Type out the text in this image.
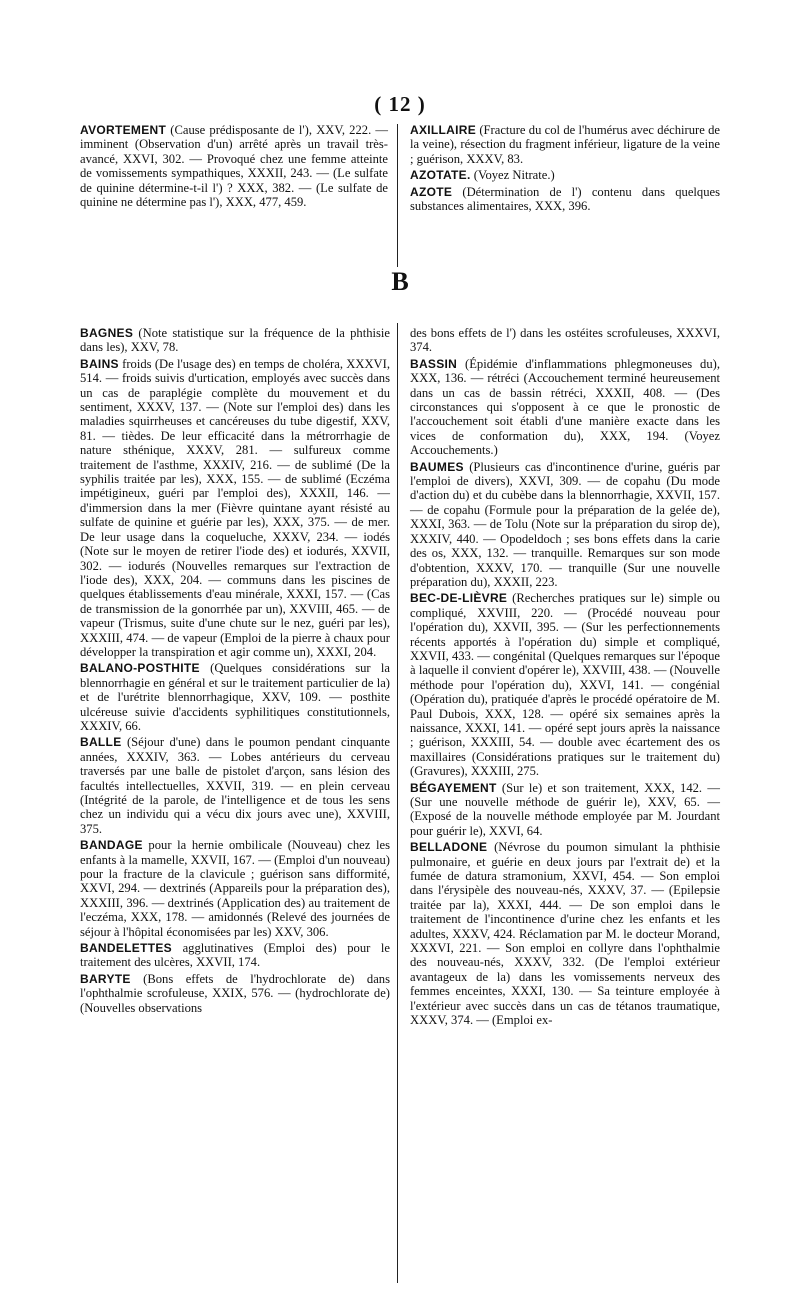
( 12 )

AVORTEMENT (Cause prédisposante de l'), XXV, 222. — imminent (Observation d'un) arrêté après un travail très-avancé, XXVI, 302. — Provoqué chez une femme atteinte de vomissements sympathiques, XXXII, 243. — (Le sulfate de quinine détermine-t-il l') ? XXX, 382. — (Le sulfate de quinine ne détermine pas l'), XXX, 477, 459.

AXILLAIRE (Fracture du col de l'humérus avec déchirure de la veine), résection du fragment inférieur, ligature de la veine ; guérison, XXXV, 83.

AZOTATE. (Voyez Nitrate.)

AZOTE (Détermination de l') contenu dans quelques substances alimentaires, XXX, 396.

B

BAGNES (Note statistique sur la fréquence de la phthisie dans les), XXV, 78.

BAINS froids (De l'usage des) en temps de choléra, XXXVI, 514. — froids suivis d'urtication, employés avec succès dans un cas de paraplégie complète du mouvement et du sentiment, XXXV, 137. — (Note sur l'emploi des) dans les maladies squirrheuses et cancéreuses du tube digestif, XXV, 81. — tièdes. De leur efficacité dans la métrorrhagie de nature sthénique, XXXV, 281. — sulfureux comme traitement de l'asthme, XXXIV, 216. — de sublimé (De la syphilis traitée par les), XXX, 155. — de sublimé (Eczéma impétigineux, guéri par l'emploi des), XXXII, 146. — d'immersion dans la mer (Fièvre quintane ayant résisté au sulfate de quinine et guérie par les), XXX, 375. — de mer. De leur usage dans la coqueluche, XXXV, 234. — iodés (Note sur le moyen de retirer l'iode des) et iodurés, XXVII, 302. — iodurés (Nouvelles remarques sur l'extraction de l'iode des), XXX, 204. — communs dans les piscines de quelques établissements d'eau minérale, XXXI, 157. — (Cas de transmission de la gonorrhée par un), XXVIII, 465. — de vapeur (Trismus, suite d'une chute sur le nez, guéri par les), XXXIII, 474. — de vapeur (Emploi de la pierre à chaux pour développer la transpiration et agir comme un), XXXI, 204.

BALANO-POSTHITE (Quelques considérations sur la blennorrhagie en général et sur le traitement particulier de la) et de l'urétrite blennorrhagique, XXV, 109. — posthite ulcéreuse suivie d'accidents syphilitiques constitutionnels, XXXIV, 66.

BALLE (Séjour d'une) dans le poumon pendant cinquante années, XXXIV, 363. — Lobes antérieurs du cerveau traversés par une balle de pistolet d'arçon, sans lésion des facultés intellectuelles, XXVII, 319. — en plein cerveau (Intégrité de la parole, de l'intelligence et de tous les sens chez un individu qui a vécu dix jours avec une), XXVIII, 375.

BANDAGE pour la hernie ombilicale (Nouveau) chez les enfants à la mamelle, XXVII, 167. — (Emploi d'un nouveau) pour la fracture de la clavicule ; guérison sans difformité, XXVI, 294. — dextrinés (Appareils pour la préparation des), XXXIII, 396. — dextrinés (Application des) au traitement de l'eczéma, XXX, 178. — amidonnés (Relevé des journées de séjour à l'hôpital économisées par les) XXV, 306.

BANDELETTES agglutinatives (Emploi des) pour le traitement des ulcères, XXVII, 174.

BARYTE (Bons effets de l'hydrochlorate de) dans l'ophthalmie scrofuleuse, XXIX, 576. — (hydrochlorate de) (Nouvelles observations

des bons effets de l') dans les ostéites scrofuleuses, XXXVI, 374.

BASSIN (Épidémie d'inflammations phlegmoneuses du), XXX, 136. — rétréci (Accouchement terminé heureusement dans un cas de bassin rétréci, XXXII, 408. — (Des circonstances qui s'opposent à ce que le pronostic de l'accouchement soit établi d'une manière exacte dans les vices de conformation du), XXX, 194. (Voyez Accouchements.)

BAUMES (Plusieurs cas d'incontinence d'urine, guéris par l'emploi de divers), XXVI, 309. — de copahu (Du mode d'action du) et du cubèbe dans la blennorrhagie, XXVII, 157. — de copahu (Formule pour la préparation de la gelée de), XXXI, 363. — de Tolu (Note sur la préparation du sirop de), XXXIV, 440. — Opodeldoch ; ses bons effets dans la carie des os, XXX, 132. — tranquille. Remarques sur son mode d'obtention, XXXV, 170. — tranquille (Sur une nouvelle préparation du), XXXII, 223.

BEC-DE-LIÈVRE (Recherches pratiques sur le) simple ou compliqué, XXVIII, 220. — (Procédé nouveau pour l'opération du), XXVII, 395. — (Sur les perfectionnements récents apportés à l'opération du) simple et compliqué, XXVII, 433. — congénital (Quelques remarques sur l'époque à laquelle il convient d'opérer le), XXVIII, 438. — (Nouvelle méthode pour l'opération du), XXVI, 141. — congénial (Opération du), pratiquée d'après le procédé opératoire de M. Paul Dubois, XXX, 128. — opéré six semaines après la naissance, XXXI, 141. — opéré sept jours après la naissance ; guérison, XXXIII, 54. — double avec écartement des os maxillaires (Considérations pratiques sur le traitement du) (Gravures), XXXIII, 275.

BÉGAYEMENT (Sur le) et son traitement, XXX, 142. — (Sur une nouvelle méthode de guérir le), XXV, 65. — (Exposé de la nouvelle méthode employée par M. Jourdant pour guérir le), XXVI, 64.

BELLADONE (Névrose du poumon simulant la phthisie pulmonaire, et guérie en deux jours par l'extrait de) et la fumée de datura stramonium, XXVI, 454. — Son emploi dans l'érysipèle des nouveau-nés, XXXV, 37. — (Epilepsie traitée par la), XXXI, 444. — De son emploi dans le traitement de l'incontinence d'urine chez les enfants et les adultes, XXXV, 424. Réclamation par M. le docteur Morand, XXXVI, 221. — Son emploi en collyre dans l'ophthalmie des nouveau-nés, XXXV, 332. (De l'emploi extérieur avantageux de la) dans les vomissements nerveux des femmes enceintes, XXXI, 130. — Sa teinture employée à l'extérieur avec succès dans un cas de tétanos traumatique, XXXV, 374. — (Emploi ex-
